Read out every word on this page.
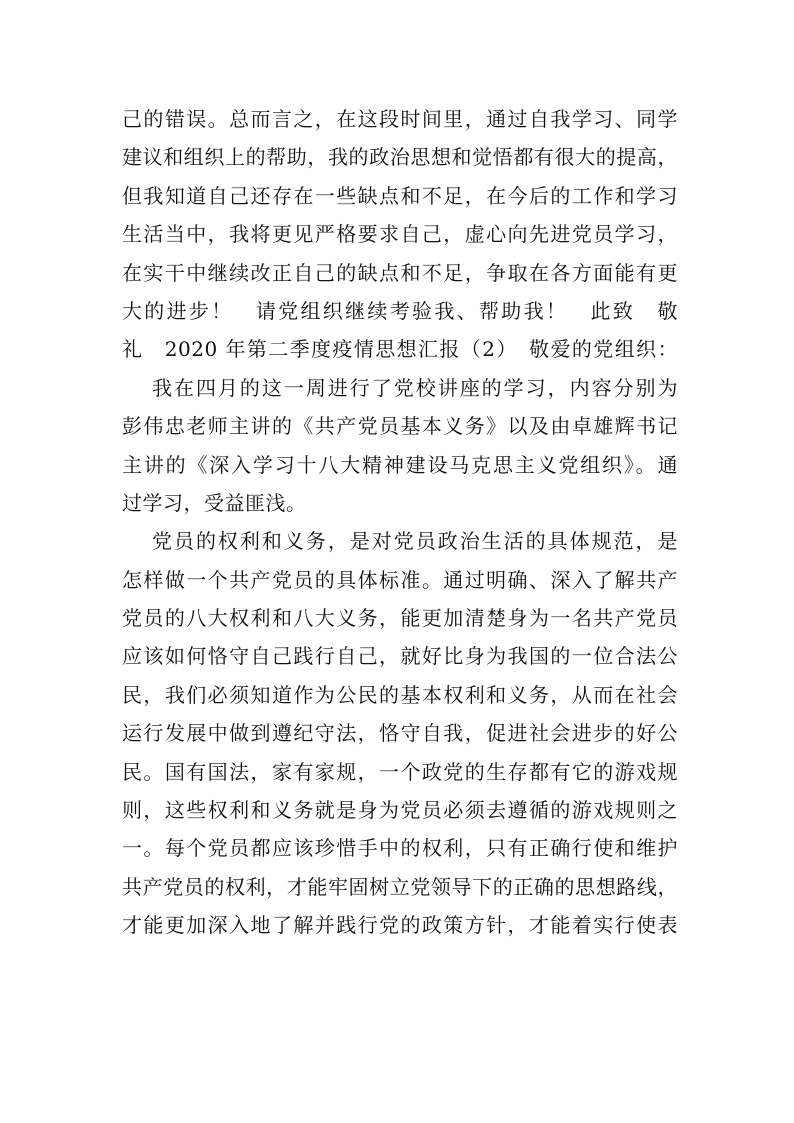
己的错误。总而言之，在这段时间里，通过自我学习、同学
建议和组织上的帮助，我的政治思想和觉悟都有很大的提高，
但我知道自己还存在一些缺点和不足，在今后的工作和学习
生活当中，我将更见严格要求自己，虚心向先进党员学习，
在实干中继续改正自己的缺点和不足，争取在各方面能有更
大的进步！　请党组织继续考验我、帮助我！　此致　敬
礼　2020 年第二季度疫情思想汇报（2）　敬爱的党组织：
我在四月的这一周进行了党校讲座的学习，内容分别为
彭伟忠老师主讲的《共产党员基本义务》以及由卓雄辉书记
主讲的《深入学习十八大精神建设马克思主义党组织》。通
过学习，受益匪浅。
党员的权利和义务，是对党员政治生活的具体规范，是
怎样做一个共产党员的具体标准。通过明确、深入了解共产
党员的八大权利和八大义务，能更加清楚身为一名共产党员
应该如何恪守自己践行自己，就好比身为我国的一位合法公
民，我们必须知道作为公民的基本权利和义务，从而在社会
运行发展中做到遵纪守法，恪守自我，促进社会进步的好公
民。国有国法，家有家规，一个政党的生存都有它的游戏规
则，这些权利和义务就是身为党员必须去遵循的游戏规则之
一。每个党员都应该珍惜手中的权利，只有正确行使和维护
共产党员的权利，才能牢固树立党领导下的正确的思想路线，
才能更加深入地了解并践行党的政策方针，才能着实行使表
